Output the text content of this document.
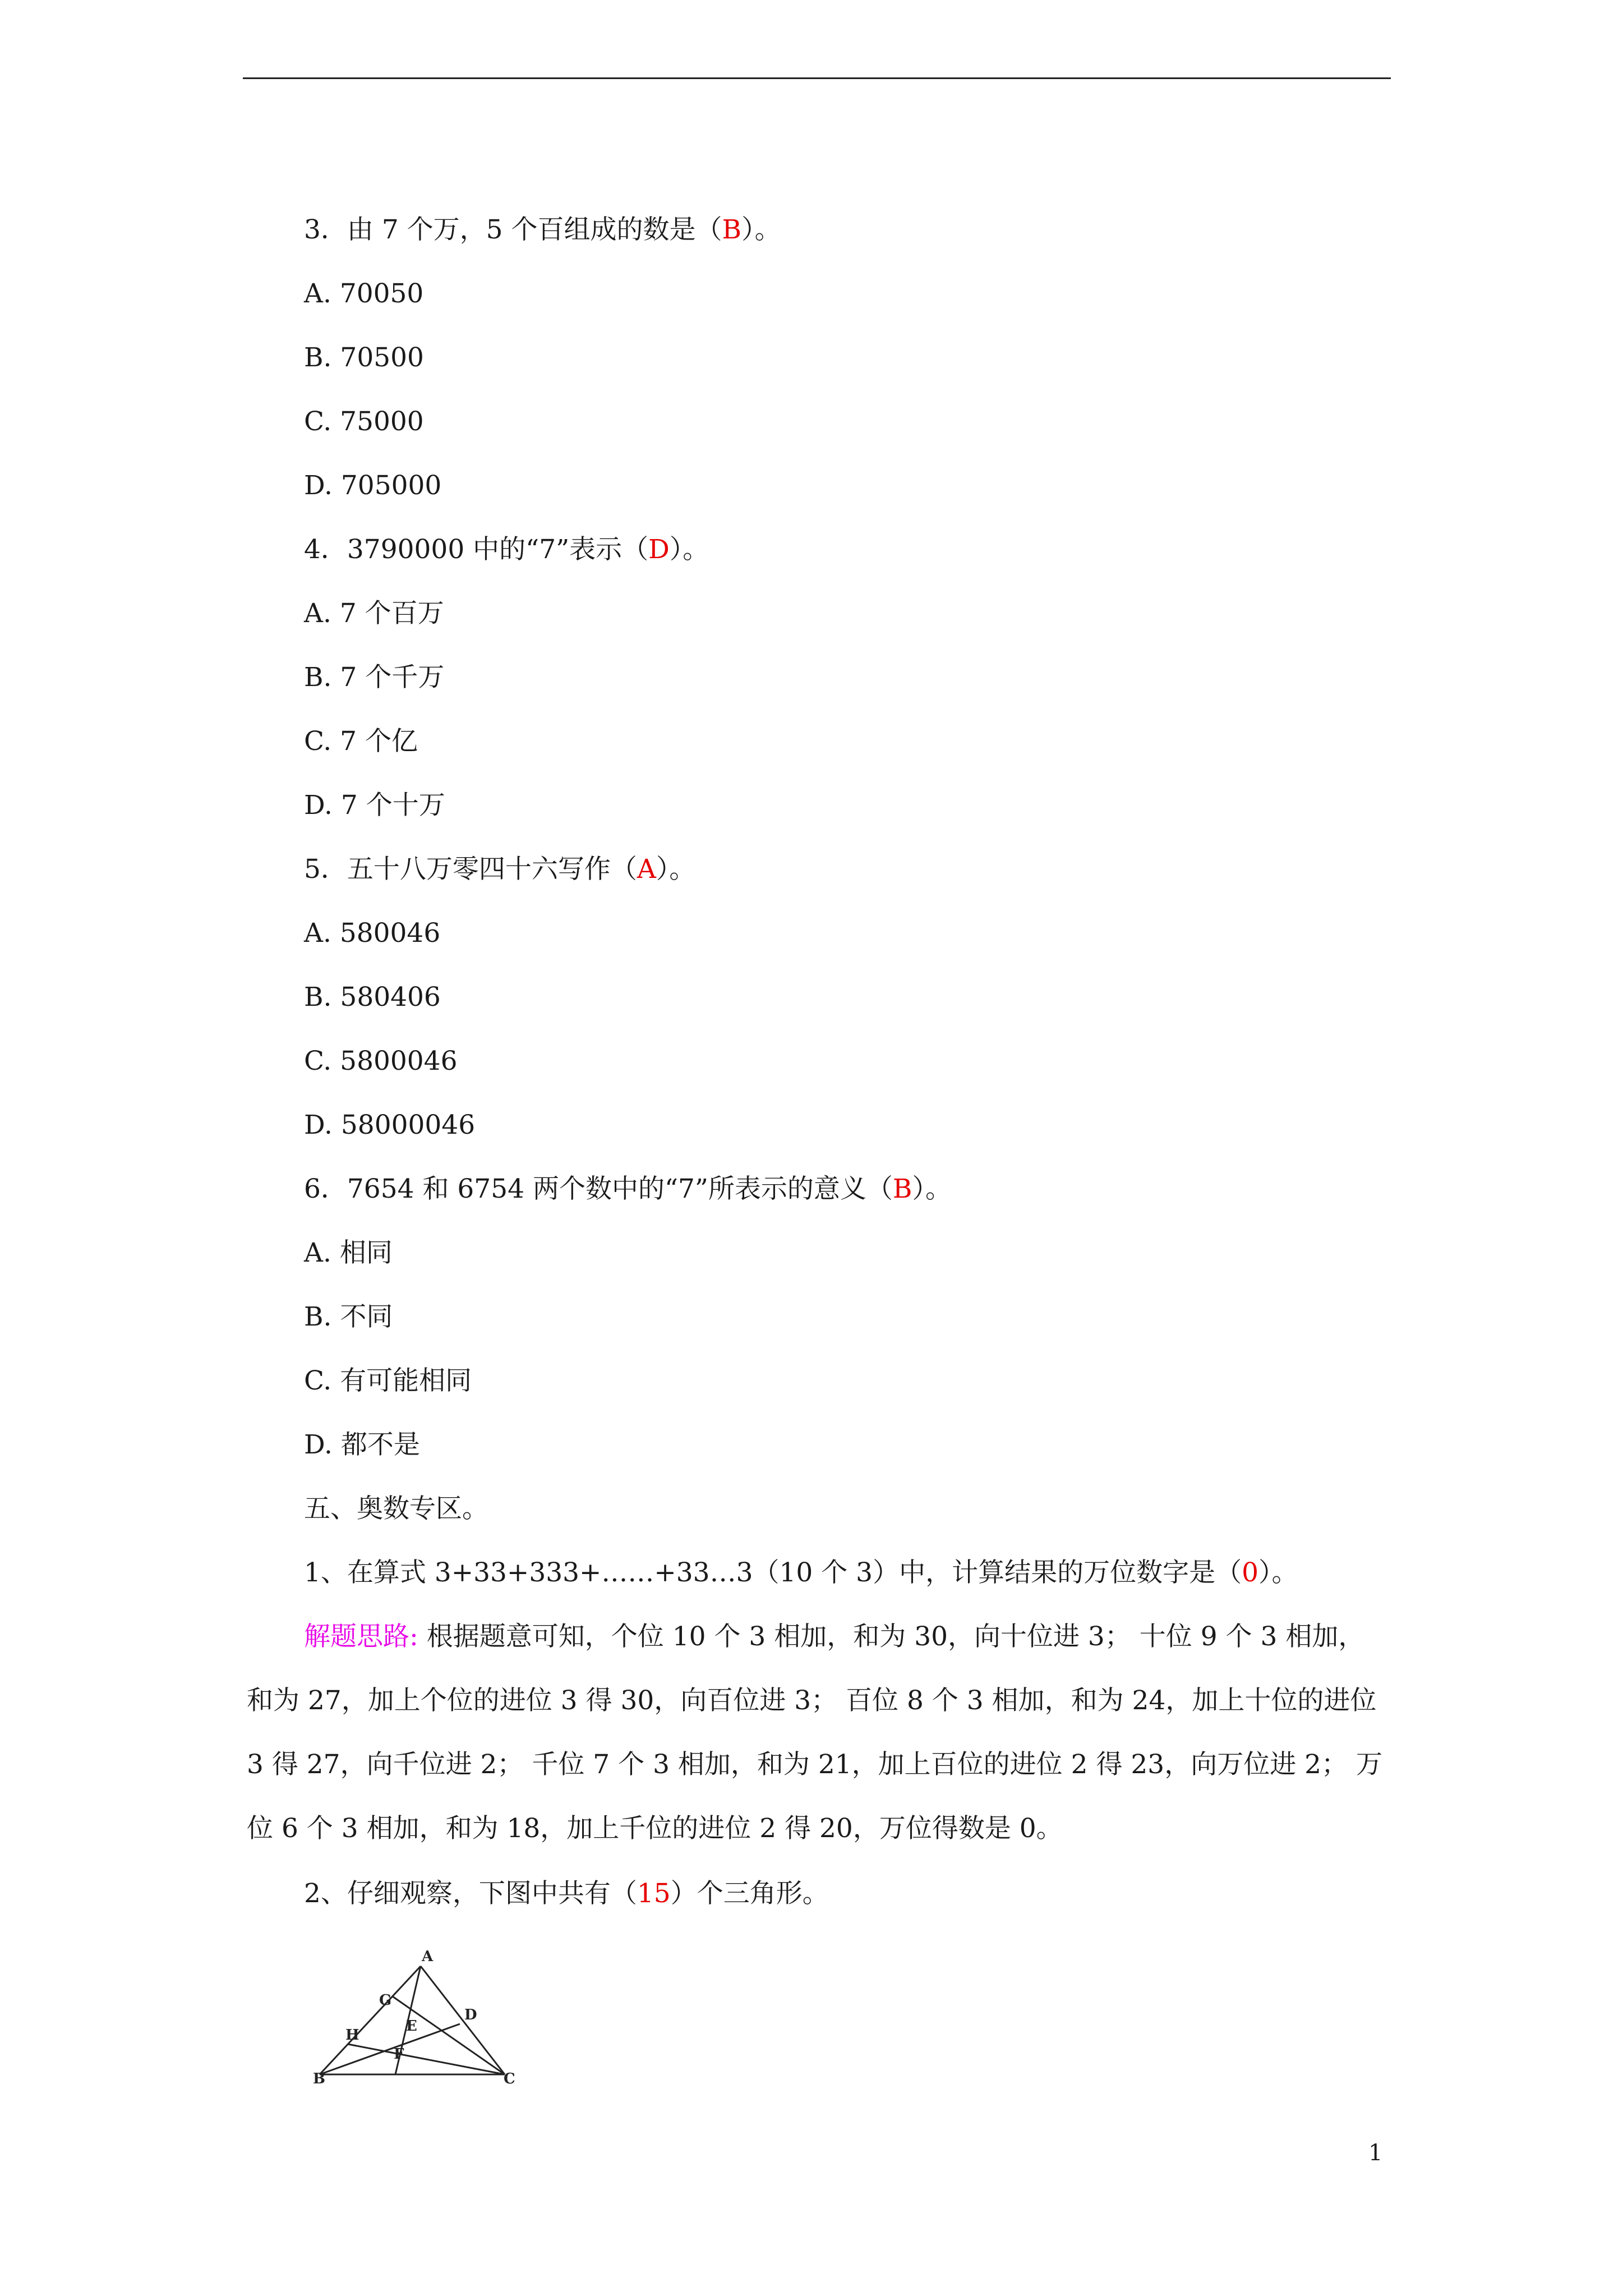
3．由 7 个万，5 个百组成的数是（B）。
A. 70050
B. 70500
C. 75000
D. 705000
4．3790000 中的“7”表示（D）。
A. 7 个百万
B. 7 个千万
C. 7 个亿
D. 7 个十万
5．五十八万零四十六写作（A）。
A. 580046
B. 580406
C. 5800046
D. 58000046
6．7654 和 6754 两个数中的“7”所表示的意义（B）。
A. 相同
B. 不同
C. 有可能相同
D. 都不是
五、奥数专区。
1、在算式 3+33+333+……+33…3（10 个 3）中，计算结果的万位数字是（0）。
解题思路: 根据题意可知，个位 10 个 3 相加，和为 30，向十位进 3； 十位 9 个 3 相加，和为 27，加上个位的进位 3 得 30，向百位进 3； 百位 8 个 3 相加，和为 24，加上十位的进位 3 得 27，向千位进 2； 千位 7 个 3 相加，和为 21，加上百位的进位 2 得 23，向万位进 2； 万位 6 个 3 相加，和为 18，加上千位的进位 2 得 20，万位得数是 0。
2、仔细观察，下图中共有（15）个三角形。
A
B	C
D
E
F
G
H
1
